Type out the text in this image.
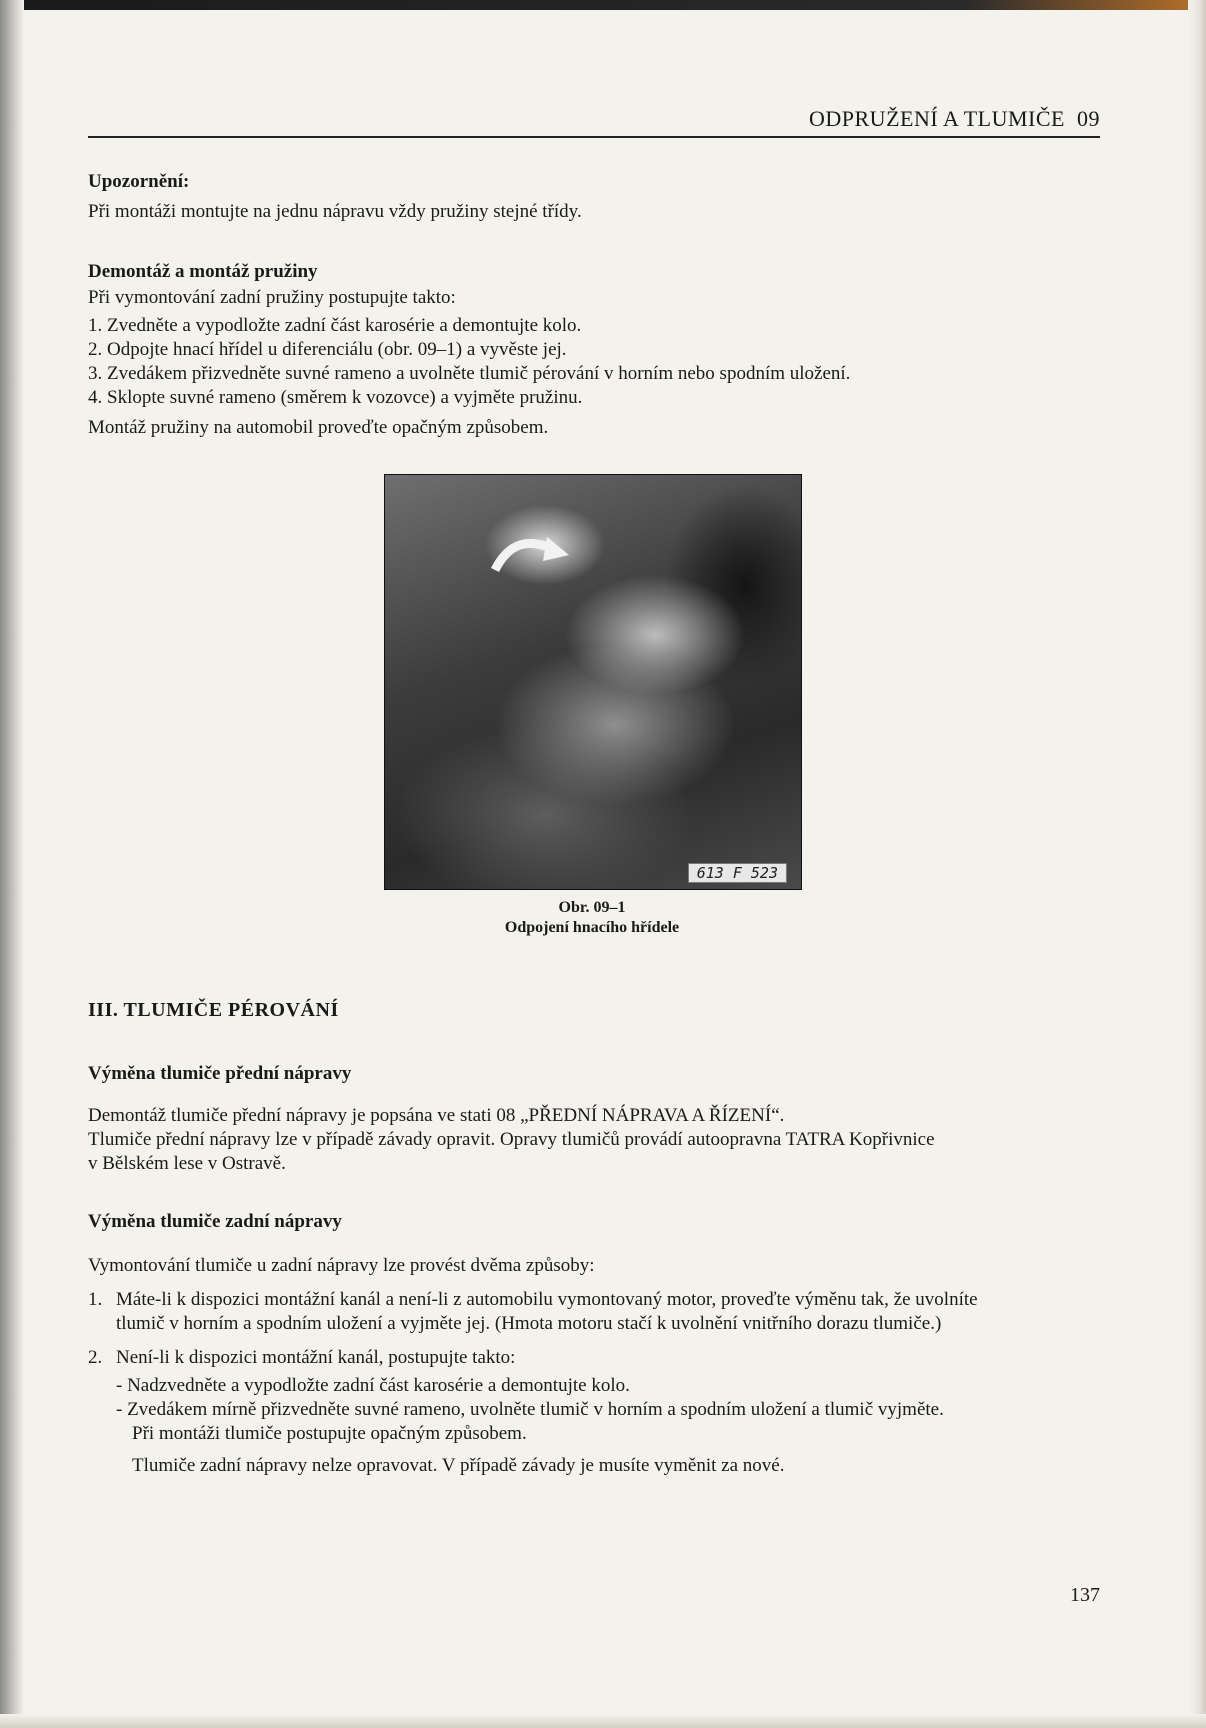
ODPRUŽENÍ A TLUMIČE  09

Upozornění:

Při montáži montujte na jednu nápravu vždy pružiny stejné třídy.

Demontáž a montáž pružiny

Při vymontování zadní pružiny postupujte takto:

1. Zvedněte a vypodložte zadní část karosérie a demontujte kolo.
2. Odpojte hnací hřídel u diferenciálu (obr. 09–1) a vyvěste jej.
3. Zvedákem přizvedněte suvné rameno a uvolněte tlumič pérování v horním nebo spodním uložení.
4. Sklopte suvné rameno (směrem k vozovce) a vyjměte pružinu.

Montáž pružiny na automobil proveďte opačným způsobem.

613 F 523
Obr. 09–1
Odpojení hnacího hřídele

III. TLUMIČE PÉROVÁNÍ

Výměna tlumiče přední nápravy

Demontáž tlumiče přední nápravy je popsána ve stati 08 „PŘEDNÍ NÁPRAVA A ŘÍZENÍ“.

Tlumiče přední nápravy lze v případě závady opravit. Opravy tlumičů provádí autoopravna TATRA Kopřivnice

v Bělském lese v Ostravě.

Výměna tlumiče zadní nápravy

Vymontování tlumiče u zadní nápravy lze provést dvěma způsoby:

1. Máte-li k dispozici montážní kanál a není-li z automobilu vymontovaný motor, proveďte výměnu tak, že uvolníte
tlumič v horním a spodním uložení a vyjměte jej. (Hmota motoru stačí k uvolnění vnitřního dorazu tlumiče.)
2. Není-li k dispozici montážní kanál, postupujte takto:
- Nadzvedněte a vypodložte zadní část karosérie a demontujte kolo.
- Zvedákem mírně přizvedněte suvné rameno, uvolněte tlumič v horním a spodním uložení a tlumič vyjměte.
Při montáži tlumiče postupujte opačným způsobem.
Tlumiče zadní nápravy nelze opravovat. V případě závady je musíte vyměnit za nové.
137
